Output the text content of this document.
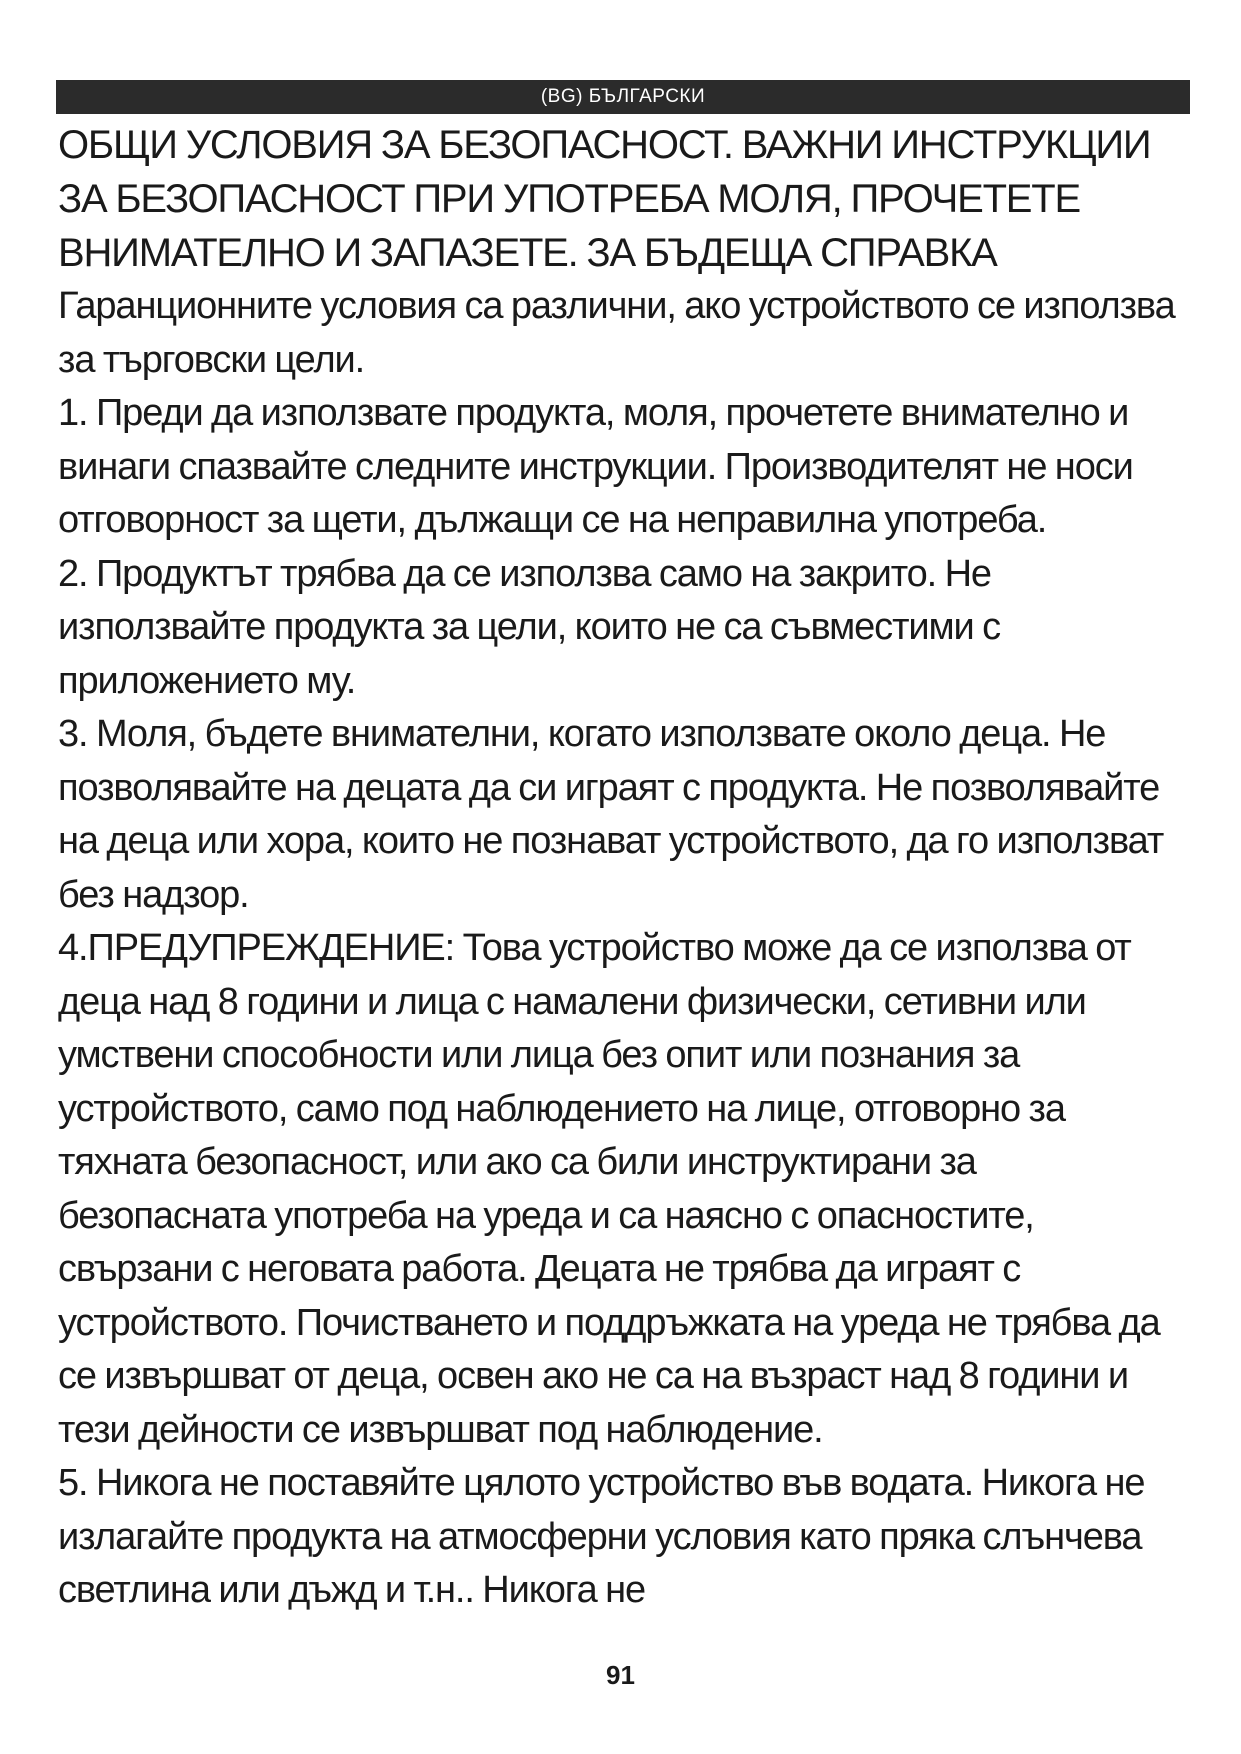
(BG) БЪЛГАРСКИ
ОБЩИ УСЛОВИЯ ЗА БЕЗОПАСНОСТ. ВАЖНИ ИНСТРУКЦИИ ЗА БЕЗОПАСНОСТ ПРИ УПОТРЕБА МОЛЯ, ПРОЧЕТЕТЕ ВНИМАТЕЛНО И ЗАПАЗЕТЕ. ЗА БЪДЕЩА СПРАВКА

Гаранционните условия са различни, ако устройството се използва за търговски цели.

1. Преди да използвате продукта, моля, прочетете внимателно и винаги спазвайте следните инструкции. Производителят не носи отговорност за щети, дължащи се на неправилна употреба.

2. Продуктът трябва да се използва само на закрито. Не използвайте продукта за цели, които не са съвместими с приложението му.

3. Моля, бъдете внимателни, когато използвате около деца. Не позволявайте на децата да си играят с продукта. Не позволявайте на деца или хора, които не познават устройството, да го използват без надзор.

4.ПРЕДУПРЕЖДЕНИЕ: Това устройство може да се използва от деца над 8 години и лица с намалени физически, сетивни или умствени способности или лица без опит или познания за устройството, само под наблюдението на лице, отговорно за тяхната безопасност, или ако са били инструктирани за безопасната употреба на уреда и са наясно с опасностите, свързани с неговата работа. Децата не трябва да играят с устройството. Почистването и поддръжката на уреда не трябва да се извършват от деца, освен ако не са на възраст над 8 години и тези дейности се извършват под наблюдение.

5. Никога не поставяйте цялото устройство във водата. Никога не излагайте продукта на атмосферни условия като пряка слънчева светлина или дъжд и т.н.. Никога не

91
